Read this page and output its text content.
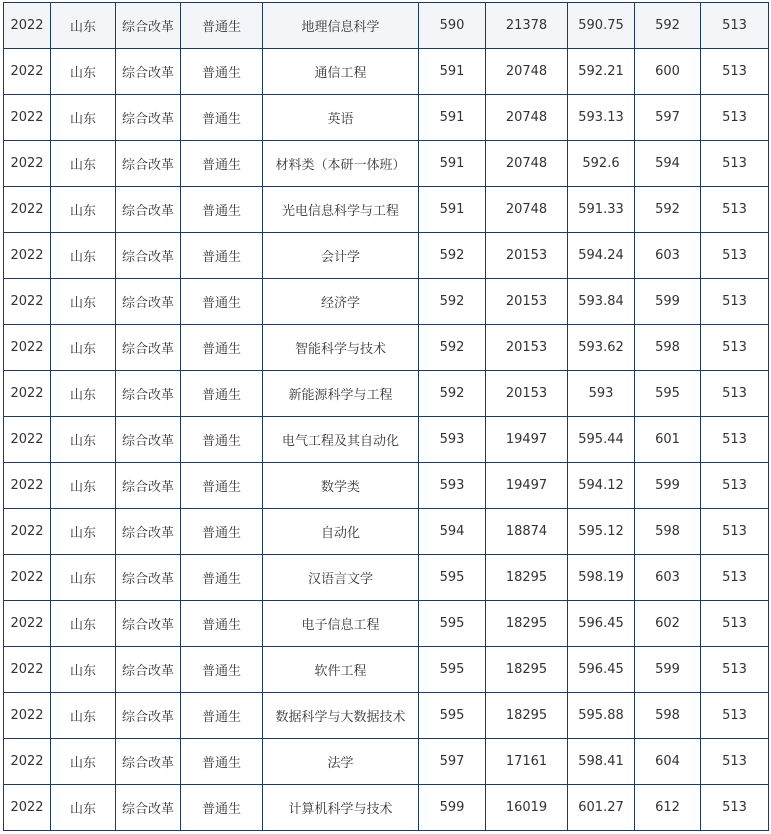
2022	山东	综合改革	普通生	地理信息科学	590	21378	590.75	592	513
2022	山东	综合改革	普通生	通信工程	591	20748	592.21	600	513
2022	山东	综合改革	普通生	英语	591	20748	593.13	597	513
2022	山东	综合改革	普通生	材料类（本研一体班）	591	20748	592.6	594	513
2022	山东	综合改革	普通生	光电信息科学与工程	591	20748	591.33	592	513
2022	山东	综合改革	普通生	会计学	592	20153	594.24	603	513
2022	山东	综合改革	普通生	经济学	592	20153	593.84	599	513
2022	山东	综合改革	普通生	智能科学与技术	592	20153	593.62	598	513
2022	山东	综合改革	普通生	新能源科学与工程	592	20153	593	595	513
2022	山东	综合改革	普通生	电气工程及其自动化	593	19497	595.44	601	513
2022	山东	综合改革	普通生	数学类	593	19497	594.12	599	513
2022	山东	综合改革	普通生	自动化	594	18874	595.12	598	513
2022	山东	综合改革	普通生	汉语言文学	595	18295	598.19	603	513
2022	山东	综合改革	普通生	电子信息工程	595	18295	596.45	602	513
2022	山东	综合改革	普通生	软件工程	595	18295	596.45	599	513
2022	山东	综合改革	普通生	数据科学与大数据技术	595	18295	595.88	598	513
2022	山东	综合改革	普通生	法学	597	17161	598.41	604	513
2022	山东	综合改革	普通生	计算机科学与技术	599	16019	601.27	612	513
